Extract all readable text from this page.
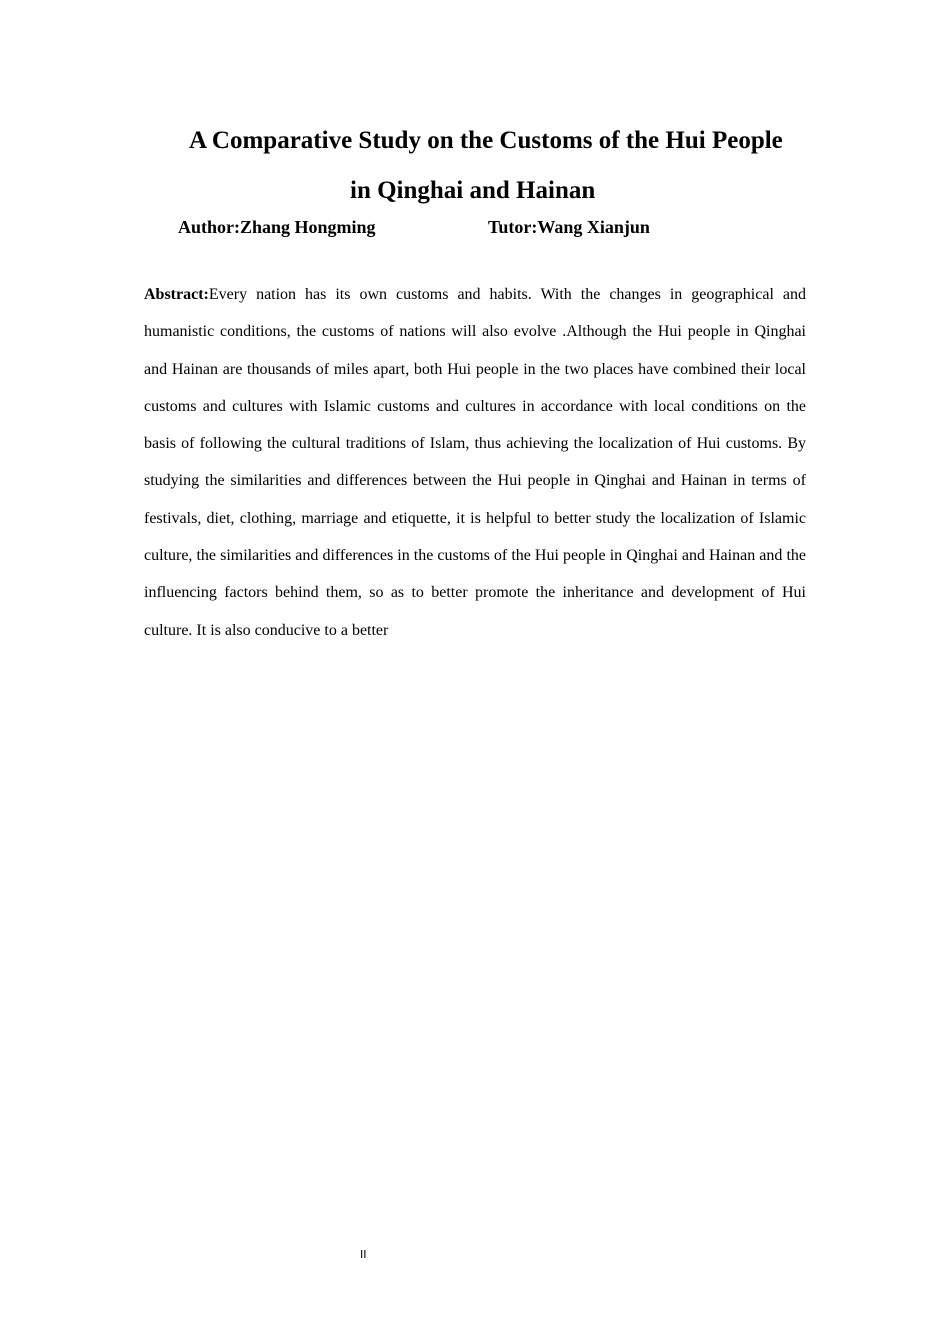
A Comparative Study on the Customs of the Hui People
in Qinghai and Hainan
Author:Zhang Hongming	Tutor:Wang Xianjun

Abstract:Every nation has its own customs and habits. With the changes in geographical and humanistic conditions, the customs of nations will also evolve .Although the Hui people in Qinghai and Hainan are thousands of miles apart, both Hui people in the two places have combined their local customs and cultures with Islamic customs and cultures in accordance with local conditions on the basis of following the cultural traditions of Islam, thus achieving the localization of Hui customs. By studying the similarities and differences between the Hui people in Qinghai and Hainan in terms of festivals, diet, clothing, marriage and etiquette, it is helpful to better study the localization of Islamic culture, the similarities and differences in the customs of the Hui people in Qinghai and Hainan and the influencing factors behind them, so as to better promote the inheritance and development of Hui culture. It is also conducive to a better

II
